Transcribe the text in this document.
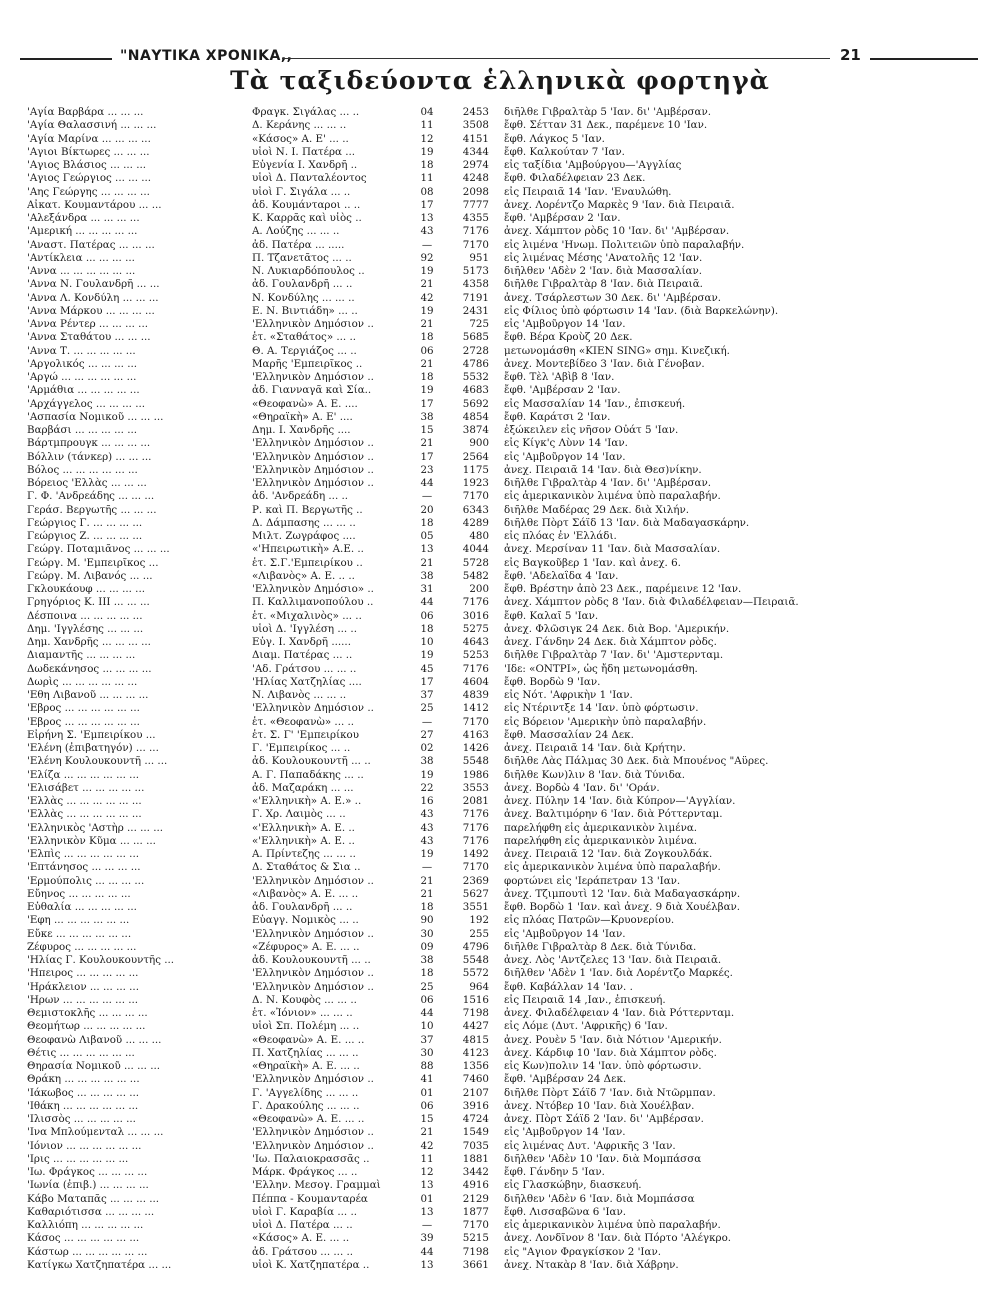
"ΝΑΥΤΙΚΑ ΧΡΟΝΙΚΑ,,	21
Τὰ ταξιδεύοντα ἑλληνικὰ φορτηγὰ
'Αγία Βαρβάρα ... ... ...	Φραγκ. Σιγάλας ... ..	04	2453 διῆλθε Γιβραλτὰρ 5 'Ιαν. δι' 'Αμβέρσαν.
'Αγία Θαλασσινή ... ... ...	Δ. Κεράνης ... ... ..	11	3508 ἔφθ. Σέτταν 31 Δεκ., παρέμενε 10 'Ιαν.
'Αγία Μαρίνα ... ... ... ...	«Κάσος» Α. Ε' ... ..	12	4151 ἔφθ. Λάγκος 5 'Ιαν.
'Αγιοι Βίκτωρες ... ... ...	υἱοὶ Ν. Ι. Πατέρα ...	19	4344 ἔφθ. Καλκούταν 7 'Ιαν.
'Αγιος Βλάσιος ... ... ...	Εὐγενία Ι. Χανδρῆ ..	18	2974 εἰς ταξίδια 'Αμβούργου—'Αγγλίας
'Αγιος Γεώργιος ... ... ...	υἱοὶ Δ. Πανταλέοντος	11	4248 ἔφθ. Φιλαδέλφειαν 23 Δεκ.
'Αης Γεώργης ... ... ... ...	υἱοὶ Γ. Σιγάλα ... ..	08	2098 εἰς Πειραιᾶ 14 'Ιαν. 'Εναυλώθη.
Αἰκατ. Κουμαντάρου ... ...	ἀδ. Κουμάνταροι .. ..	17	7777 ἀνεχ. Λορέντζο Μαρκὲς 9 'Ιαν. διὰ Πειραιᾶ.
'Αλεξάνδρα ... ... ... ...	Κ. Καρρᾶς καὶ υἱὸς ..	13	4355 ἔφθ. 'Αμβέρσαν 2 'Ιαν.
'Αμερική ... ... ... ... ...	Α. Λούζης ... ... ..	43	7176 ἀνεχ. Χάμπτον ρὸδς 10 'Ιαν. δι' 'Αμβέρσαν.
'Αναστ. Πατέρας ... ... ...	ἀδ. Πατέρα ... .....	—	7170 εἰς λιμένα 'Ηνωμ. Πολιτειῶν ὑπὸ παραλαβήν.
'Αντίκλεια ... ... ... ...	Π. Τζανετᾶτος ... ..	92	951 εἰς λιμένας Μέσης 'Ανατολῆς 12 'Ιαν.
'Αννα ... ... ... ... ... ...	Ν. Λυκιαρδόπουλος ..	19	5173 διῆλθεν 'Αδὲν 2 'Ιαν. διὰ Μασσαλίαν.
'Αννα Ν. Γουλανδρῆ ... ...	ἀδ. Γουλανδρῆ ... ..	21	4358 διῆλθε Γιβραλτὰρ 8 'Ιαν. διὰ Πειραιᾶ.
'Αννα Λ. Κονδύλη ... ... ...	Ν. Κονδύλης ... ... ..	42	7191 ἀνεχ. Τσάρλεστων 30 Δεκ. δι' 'Αμβέρσαν.
'Αννα Μάρκου ... ... ... ...	Ε. Ν. Βιντιάδη» ... ..	19	2431 εἰς Φίλιος ὑπὸ φόρτωσιν 14 'Ιαν. (διὰ Βαρκελώνην).
'Αννα Ρέντερ ... ... ... ...	'Ελληνικὸν Δημόσιον ..	21	725 εἰς 'Αμβοῦργον 14 'Ιαν.
'Αννα Σταθάτου ... ... ...	ἑτ. «Σταθάτος» ... ..	18	5685 ἔφθ. Βέρα Κροὺζ 20 Δεκ.
'Αννα Τ. ... ... ... ... ...	Θ. Α. Τεργιάζος ... ..	06	2728 μετωνομάσθη «ΚΙΕΝ SING» σημ. Κινεζική.
'Αργολικός ... ... ... ...	Μαρῆς 'Εμπειρῖκος ..	21	4786 ἀνεχ. Μοντεβίδεο 3 'Ιαν. διὰ Γένοβαν.
'Αργώ ... ... ... ... ... ...	'Ελληνικὸν Δημόσιον ..	18	5532 ἔφθ. Τὲλ 'Αβὶβ 8 'Ιαν.
'Αρμάθια ... ... ... ... ...	ἀδ. Γιανναγᾶ καὶ Σία..	19	4683 ἔφθ. 'Αμβέρσαν 2 'Ιαν.
'Αρχάγγελος ... ... ... ...	«Θεοφανὼ» Α. Ε. ....	17	5692 εἰς Μασσαλίαν 14 'Ιαν., ἐπισκευή.
'Ασπασία Νομικοῦ ... ... ...	«Θηραϊκὴ» Α. Ε' ....	38	4854 ἔφθ. Καράτσι 2 'Ιαν.
Βαρβάσι ... ... ... ... ...	Δημ. Ι. Χανδρῆς ....	15	3874 ἐξώκειλεν εἰς νῆσον Οὐάτ 5 'Ιαν.
Βάρτμπρουγκ ... ... ... ...	'Ελληνικὸν Δημόσιον ..	21	900 εἰς Κίγκ'ς Λὺνν 14 'Ιαν.
Βόλλιν (τάνκερ) ... ... ...	'Ελληνικὸν Δημόσιον ..	17	2564 εἰς 'Αμβοῦργον 14 'Ιαν.
Βόλος ... ... ... ... ... ...	'Ελληνικὸν Δημόσιον ..	23	1175 ἀνεχ. Πειραιᾶ 14 'Ιαν. διὰ Θεσ)νίκην.
Βόρειος 'Ελλὰς ... ... ...	'Ελληνικὸν Δημόσιον ..	44	1923 διῆλθε Γιβραλτὰρ 4 'Ιαν. δι' 'Αμβέρσαν.
Γ. Φ. 'Ανδρεάδης ... ... ...	ἀδ. 'Ανδρεάδη ... ..	—	7170 εἰς ἀμερικανικὸν λιμένα ὑπὸ παραλαβήν.
Γεράσ. Βεργωτῆς ... ... ...	Ρ. καὶ Π. Βεργωτῆς ..	20	6343 διῆλθε Μαδέρας 29 Δεκ. διὰ Χιλήν.
Γεώργιος Γ. ... ... ... ...	Δ. Δάμπασης ... ... ..	18	4289 διῆλθε Πὸρτ Σάϊδ 13 'Ιαν. διὰ Μαδαγασκάρην.
Γεώργιος Ζ. ... ... ... ...	Μιλτ. Ζωγράφος ....	05	480 εἰς πλόας ἐν 'Ελλάδι.
Γεώργ. Ποταμιᾶνος ... ... ...	«'Ηπειρωτικὴ» Α.Ε. ..	13	4044 ἀνεχ. Μερσίναν 11 'Ιαν. διὰ Μασσαλίαν.
Γεώργ. Μ. 'Εμπειρῖκος ...	ἑτ. Σ.Γ.'Εμπειρίκου ..	21	5728 εἰς Βαγκοῦβερ 1 'Ιαν. καὶ ἀνεχ. 6.
Γεώργ. Μ. Λιβανός ... ...	«Λιβανὸς» Α. Ε. .. ..	38	5482 ἔφθ. 'Αδελαΐδα 4 'Ιαν.
Γκλουκάουφ ... ... ... ...	'Ελληνικὸν Δημόσιο» ..	31	200 ἔφθ. Βρέστην ἀπὸ 23 Δεκ., παρέμεινε 12 'Ιαν.
Γρηγόριος Κ. ΙΙΙ ... ... ...	Π. Καλλιμανοπούλου ..	44	7176 ἀνεχ. Χάμπτον ρὸδς 8 'Ιαν. διὰ Φιλαδέλφειαν—Πειραιᾶ.
Δέσποινα ... ... ... ... ...	ἑτ. «Μιχαλινὸς» ... ..	06	3016 ἔφθ. Καλαῖ 5 'Ιαν.
Δημ. 'Ιγγλέσης ... ... ...	υἱοὶ Δ. 'Ιγγλέση ... ..	18	5275 ἀνεχ. Φλῶσιγκ 24 Δεκ. διὰ Βορ. 'Αμερικήν.
Δημ. Χανδρῆς ... ... ... ...	Εὐγ. Ι. Χανδρῆ ......	10	4643 ἀνεχ. Γάνδην 24 Δεκ. διὰ Χάμπτον ρὸδς.
Διαμαντῆς ... ... ... ...	Διαμ. Πατέρας ... ..	19	5253 διῆλθε Γιβραλτὰρ 7 'Ιαν. δι' 'Αμστερνταμ.
Δωδεκάνησος ... ... ... ...	'Αδ. Γράτσου ... ... ..	45	7176 'Ιδε: «ΟΝΤΡΙ», ὡς ἤδη μετωνομάσθη.
Δωρὶς ... ... ... ... ... ...	'Ηλίας Χατζηλίας ....	17	4604 ἔφθ. Βορδὼ 9 'Ιαν.
'Εθη Λιβανοῦ ... ... ... ...	Ν. Λιβανὸς ... ... ..	37	4839 εἰς Νότ. 'Αφρικὴν 1 'Ιαν.
'Εβρος ... ... ... ... ... ...	'Ελληνικὸν Δημόσιον ..	25	1412 εἰς Ντέριντξε 14 'Ιαν. ὑπὸ φόρτωσιν.
'Εβρος ... ... ... ... ... ...	ἑτ. «Θεοφανὼ» ... ..	—	7170 εἰς Βόρειον 'Αμερικὴν ὑπὸ παραλαβήν.
Εἰρήνη Σ. 'Εμπειρίκου ...	ἑτ. Σ. Γ' 'Εμπειρίκου	27	4163 ἔφθ. Μασσαλίαν 24 Δεκ.
'Ελένη (ἐπιβατηγόν) ... ...	Γ. 'Εμπειρίκος ... ..	02	1426 ἀνεχ. Πειραιᾶ 14 'Ιαν. διὰ Κρήτην.
'Ελένη Κουλουκουντῆ ... ...	ἀδ. Κουλουκουντῆ ... ..	38	5548 διῆλθε Λὰς Πάλμας 30 Δεκ. διὰ Μπουένος "Αϋρες.
'Ελίζα ... ... ... ... ... ...	Α. Γ. Παπαδάκης ... ..	19	1986 διῆλθε Κων)λιν 8 'Ιαν. διὰ Τύνιδα.
'Ελισάβετ ... ... ... ... ...	ἀδ. Μαζαράκη ... ...	22	3553 ἀνεχ. Βορδὼ 4 'Ιαν. δι' 'Οράν.
'Ελλὰς ... ... ... ... ... ...	«'Ελληνικὴ» Α. Ε.» ..	16	2081 ἀνεχ. Πύλην 14 'Ιαν. διὰ Κύπρον—'Αγγλίαν.
'Ελλὰς ... ... ... ... ... ...	Γ. Χρ. Λαιμὸς ... ..	43	7176 ἀνεχ. Βαλτιμόρην 6 'Ιαν. διὰ Ρόττερνταμ.
'Ελληνικὸς 'Αστὴρ ... ... ...	«'Ελληνικὴ» Α. Ε. ..	43	7176 παρελήφθη εἰς ἀμερικανικὸν λιμένα.
'Ελληνικὸν Κῦμα ... ... ...	«'Ελληνικὴ» Α. Ε. ..	43	7176 παρελήφθη εἰς ἀμερικανικὸν λιμένα.
'Ελπὶς ... ... ... ... ... ...	Α. Πρίντεζης ... ... ..	19	1492 ἀνεχ. Πειραιᾶ 12 'Ιαν. διὰ Ζογκουλδάκ.
'Επτάνησος ... ... ... ...	Δ. Σταθάτος & Σια ..	—	7170 εἰς ἀμερικανικὸν λιμένα ὑπὸ παραλαβήν.
'Ερμούπολις ... ... ... ...	'Ελληνικὸν Δημόσιον ..	21	2369 φορτώνει εἰς 'Ιεράπετραν 13 'Ιαν.
Εὔηνος ... ... ... ... ...	«Λιβανὸς» Α. Ε. ... ..	21	5627 ἀνεχ. Τζιμπουτὶ 12 'Ιαν. διὰ Μαδαγασκάρην.
Εὐθαλία ... ... ... ... ...	ἀδ. Γουλανδρῆ ... ..	18	3551 ἔφθ. Βορδὼ 1 'Ιαν. καὶ ἀνεχ. 9 διὰ Χουέλβαν.
'Εφη ... ... ... ... ... ...	Εὐαγγ. Νομικὸς ... ..	90	192 εἰς πλόας Πατρῶν—Κρυονερίου.
Εὔκε ... ... ... ... ... ...	'Ελληνικὸν Δημόσιον ..	30	255 εἰς 'Αμβοῦργον 14 'Ιαν.
Ζέφυρος ... ... ... ... ...	«Ζέφυρος» Α. Ε. ... ..	09	4796 διῆλθε Γιβραλτὰρ 8 Δεκ. διὰ Τύνιδα.
'Ηλίας Γ. Κουλουκουντῆς ...	ἀδ. Κουλουκουντῆ ... ..	38	5548 ἀνεχ. Λὸς 'Αντζελες 13 'Ιαν. διὰ Πειραιᾶ.
'Ηπειρος ... ... ... ... ...	'Ελληνικὸν Δημόσιον ..	18	5572 διῆλθεν 'Αδὲν 1 'Ιαν. διὰ Λορέντζο Μαρκές.
'Ηράκλειον ... ... ... ...	'Ελληνικὸν Δημόσιον ..	25	964 ἔφθ. Καβάλλαν 14 'Ιαν. .
'Ηρων ... ... ... ... ... ...	Δ. Ν. Κουφὸς ... ... ..	06	1516 εἰς Πειραιᾶ 14 ,Ιαν., ἐπισκευή.
Θεμιστοκλῆς ... ... ... ...	ἑτ. «Ἰόνιον» ... ... ..	44	7198 ἀνεχ. Φιλαδέλφειαν 4 'Ιαν. διὰ Ρόττερνταμ.
Θεομήτωρ ... ... ... ... ...	υἱοὶ Σπ. Πολέμη ... ..	10	4427 εἰς Λόμε (Δυτ. 'Αφρικῆς) 6 'Ιαν.
Θεοφανὼ Λιβανοῦ ... ... ...	«Θεοφανὼ» Α. Ε. ... ..	37	4815 ἀνεχ. Ρουὲν 5 'Ιαν. διὰ Νότιον 'Αμερικήν.
Θέτις ... ... ... ... ... ...	Π. Χατζηλίας ... ... ..	30	4123 ἀνεχ. Κάρδιφ 10 'Ιαν. διὰ Χάμπτον ρὸδς.
Θηρασία Νομικοῦ ... ... ...	«Θηραϊκὴ» Α. Ε. ... ..	88	1356 εἰς Κων)πολιν 14 'Ιαν. ὑπὸ φόρτωσιν.
Θράκη ... ... ... ... ... ...	'Ελληνικὸν Δημόσιον ..	41	7460 ἔφθ. 'Αμβέρσαν 24 Δεκ.
'Ιάκωβος ... ... ... ... ...	Γ. 'Αγγελίδης ... ... ..	01	2107 διῆλθε Πὸρτ Σάϊδ 7 'Ιαν. διὰ Ντῶρμπαν.
'Ιθάκη ... ... ... ... ... ...	Γ. Δρακούλης ... ... ..	06	3916 ἀνεχ. Ντόβερ 10 'Ιαν. διὰ Χουέλβαν.
'Ιλισσὸς ... ... ... ... ...	«Θεοφανὼ» Α. Ε. ... ..	15	4724 ἀνεχ. Πὸρτ Σάϊδ 2 'Ιαν. δι' 'Αμβέρσαν.
'Ινα Μπλούμενταλ ... ... ...	'Ελληνικὸν Δημόσιον ..	21	1549 εἰς 'Αμβοῦργον 14 'Ιαν.
'Ιόνιον ... ... ... ... ... ...	'Ελληνικὸν Δημόσιον ..	42	7035 εἰς λιμένας Δυτ. 'Αφρικῆς 3 'Ιαν.
'Ιρις ... ... ... ... ... ...	'Ιω. Παλαιοκρασσᾶς ..	11	1881 διῆλθεν 'Αδὲν 10 'Ιαν. διὰ Μομπάσσα
'Ιω. Φράγκος ... ... ... ...	Μάρκ. Φράγκος ... ..	12	3442 ἔφθ. Γάνδην 5 'Ιαν.
'Ιωνία (ἐπιβ.) ... ... ... ...	'Ελλην. Μεσογ. Γραμμαὶ	13	4916 εἰς Γλασκώβην, διασκευή.
Κάβο Ματαπᾶς ... ... ... ...	Πέππα - Κουμανταρέα	01	2129 διῆλθεν 'Αδὲν 6 'Ιαν. διὰ Μομπάσσα
Καθαριότισσα ... ... ... ...	υἱοὶ Γ. Καραβία ... ..	13	1877 ἔφθ. Λισσαβῶνα 6 'Ιαν.
Καλλιόπη ... ... ... ... ...	υἱοὶ Δ. Πατέρα ... ..	—	7170 εἰς ἀμερικανικὸν λιμένα ὑπὸ παραλαβήν.
Κάσος ... ... ... ... ... ...	«Κάσος» Α. Ε. ... ..	39	5215 ἀνεχ. Λονδῖνον 8 'Ιαν. διὰ Πόρτο 'Αλέγκρο.
Κάστωρ ... ... ... ... ... ...	ἀδ. Γράτσου ... ... ..	44	7198 εἰς "Αγιον Φραγκίσκον 2 'Ιαν.
Κατίγκω Χατζηπατέρα ... ...	υἱοὶ Κ. Χατζηπατέρα ..	13	3661 ἀνεχ. Ντακὰρ 8 'Ιαν. διὰ Χάβρην.
